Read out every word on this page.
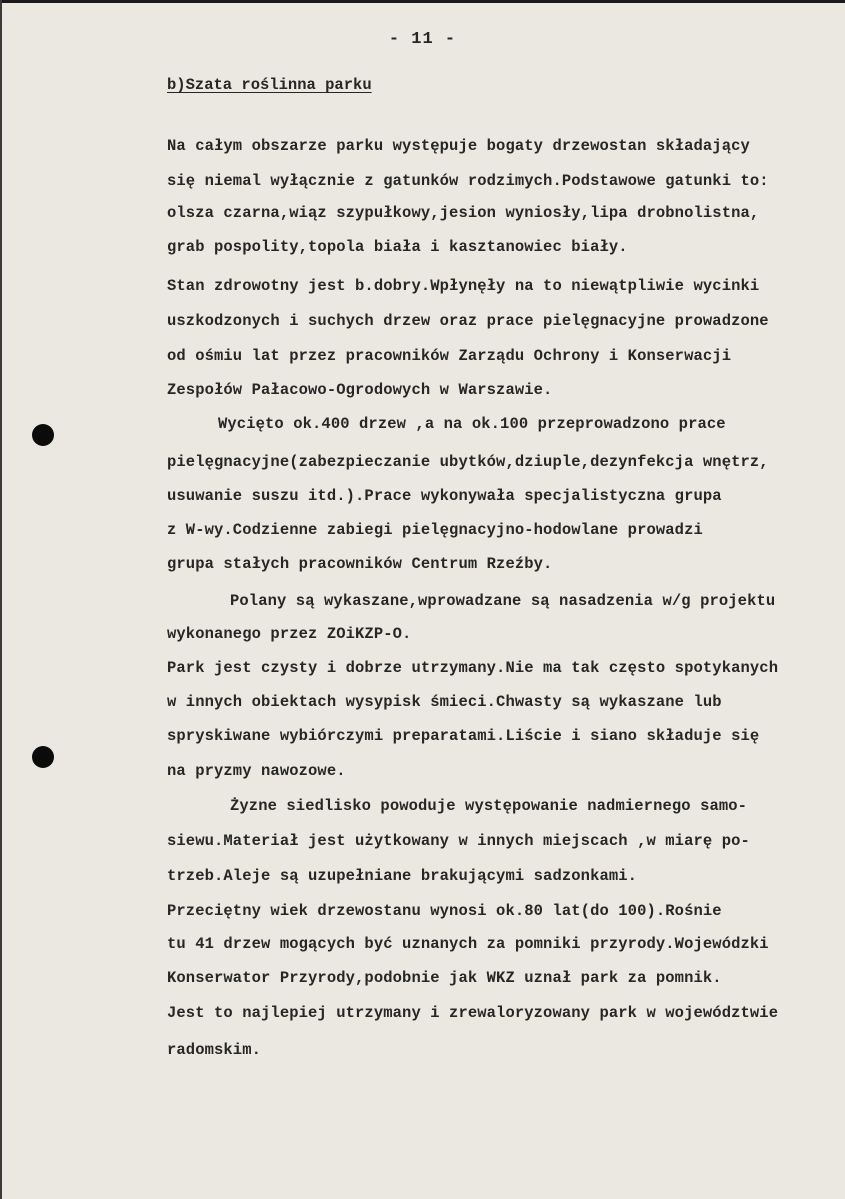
- 11 -
b)Szata roślinna parku
Na całym obszarze parku występuje bogaty drzewostan składający
się niemal wyłącznie z gatunków rodzimych.Podstawowe gatunki to:
olsza czarna,wiąz szypułkowy,jesion wyniosły,lipa drobnolistna,
grab pospolity,topola biała i kasztanowiec biały.
Stan zdrowotny jest b.dobry.Wpłynęły na to niewątpliwie wycinki
uszkodzonych i suchych drzew oraz prace pielęgnacyjne prowadzone
od ośmiu lat przez pracowników Zarządu Ochrony i Konserwacji
Zespołów Pałacowo-Ogrodowych w Warszawie.
Wycięto ok.400 drzew ,a na ok.100 przeprowadzono prace
pielęgnacyjne(zabezpieczanie ubytków,dziuple,dezynfekcja wnętrz,
usuwanie suszu itd.).Prace wykonywała specjalistyczna grupa
z W-wy.Codzienne zabiegi pielęgnacyjno-hodowlane prowadzi
grupa stałych pracowników Centrum Rzeźby.
Polany są wykaszane,wprowadzane są nasadzenia w/g projektu
wykonanego przez ZOiKZP-O.
Park jest czysty i dobrze utrzymany.Nie ma tak często spotykanych
w innych obiektach wysypisk śmieci.Chwasty są wykaszane lub
spryskiwane wybiórczymi preparatami.Liście i siano składuje się
na pryzmy nawozowe.
Żyzne siedlisko powoduje występowanie nadmiernego samo-
siewu.Materiał jest użytkowany w innych miejscach ,w miarę po-
trzeb.Aleje są uzupełniane brakującymi sadzonkami.
Przeciętny wiek drzewostanu wynosi ok.80 lat(do 100).Rośnie
tu 41 drzew mogących być uznanych za pomniki przyrody.Wojewódzki
Konserwator Przyrody,podobnie jak WKZ uznał park za pomnik.
Jest to najlepiej utrzymany i zrewaloryzowany park w województwie
radomskim.
